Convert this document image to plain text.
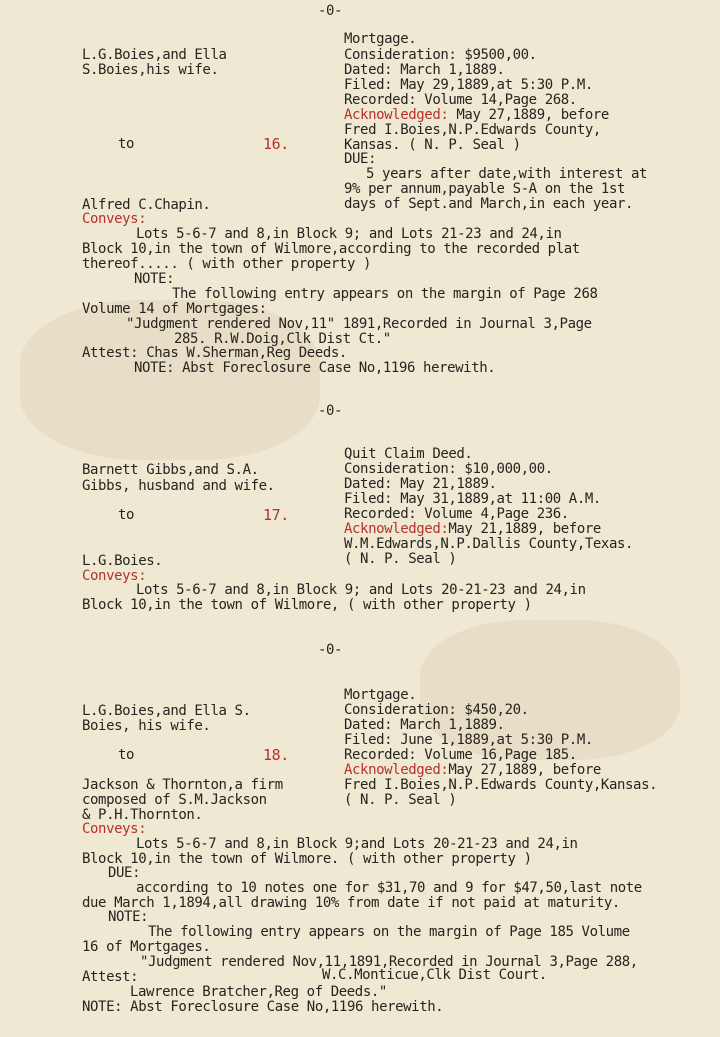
-0-
Mortgage.
L.G.Boies,and Ella	Consideration: $9500,00.
S.Boies,his wife.	Dated: March 1,1889.
Filed: May 29,1889,at 5:30 P.M.
Recorded: Volume 14,Page 268.
Acknowledged: May 27,1889, before
Fred I.Boies,N.P.Edwards County,
to	16.	Kansas. ( N. P. Seal )
DUE:
5 years after date,with interest at
9% per annum,payable S-A on the 1st
Alfred C.Chapin.	days of Sept.and March,in each year.
Conveys:
Lots 5-6-7 and 8,in Block 9; and Lots 21-23 and 24,in
Block 10,in the town of Wilmore,according to the recorded plat
thereof..... ( with other property )
NOTE:
The following entry appears on the margin of Page 268
Volume 14 of Mortgages:
"Judgment rendered Nov,11" 1891,Recorded in Journal 3,Page
285. R.W.Doig,Clk Dist Ct."
Attest: Chas W.Sherman,Reg Deeds.
NOTE: Abst Foreclosure Case No,1196 herewith.
-0-
Quit Claim Deed.
Barnett Gibbs,and S.A.	Consideration: $10,000,00.
Gibbs, husband and wife.	Dated: May 21,1889.
Filed: May 31,1889,at 11:00 A.M.
to	17.	Recorded: Volume 4,Page 236.
Acknowledged:May 21,1889, before
W.M.Edwards,N.P.Dallis County,Texas.
L.G.Boies.	( N. P. Seal )
Conveys:
Lots 5-6-7 and 8,in Block 9; and Lots 20-21-23 and 24,in
Block 10,in the town of Wilmore, ( with other property )
-0-
Mortgage.
L.G.Boies,and Ella S.	Consideration: $450,20.
Boies, his wife.	Dated: March 1,1889.
Filed: June 1,1889,at 5:30 P.M.
to	18.	Recorded: Volume 16,Page 185.
Acknowledged:May 27,1889, before
Jackson & Thornton,a firm	Fred I.Boies,N.P.Edwards County,Kansas.
composed of S.M.Jackson	( N. P. Seal )
& P.H.Thornton.
Conveys:
Lots 5-6-7 and 8,in Block 9;and Lots 20-21-23 and 24,in
Block 10,in the town of Wilmore. ( with other property )
DUE:
according to 10 notes one for $31,70 and 9 for $47,50,last note
due March 1,1894,all drawing 10% from date if not paid at maturity.
NOTE:
The following entry appears on the margin of Page 185 Volume
16 of Mortgages.
"Judgment rendered Nov,11,1891,Recorded in Journal 3,Page 288,
Attest:	W.C.Monticue,Clk Dist Court.
Lawrence Bratcher,Reg of Deeds."
NOTE: Abst Foreclosure Case No,1196 herewith.
